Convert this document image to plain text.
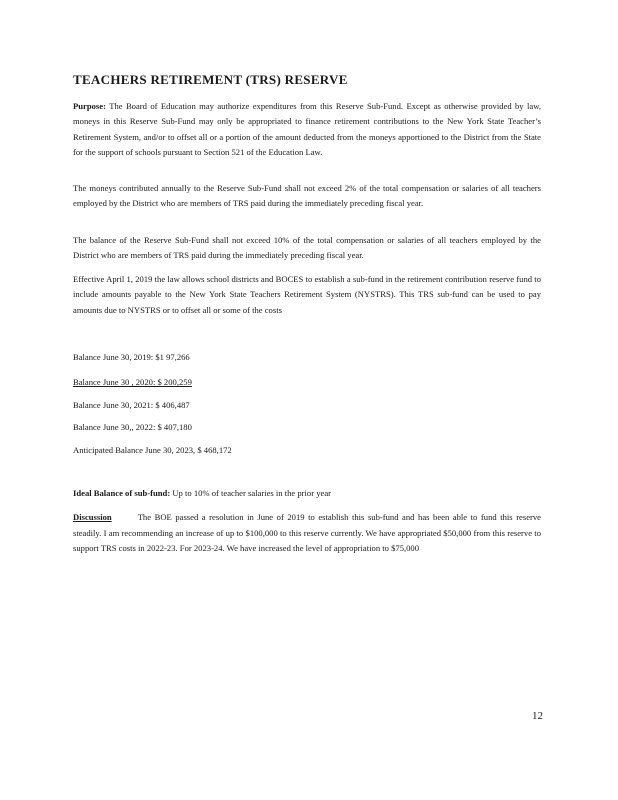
TEACHERS RETIREMENT (TRS) RESERVE

Purpose: The Board of Education may authorize expenditures from this Reserve Sub-Fund. Except as otherwise provided by law, moneys in this Reserve Sub-Fund may only be appropriated to finance retirement contributions to the New York State Teacher’s Retirement System, and/or to offset all or a portion of the amount deducted from the moneys apportioned to the District from the State for the support of schools pursuant to Section 521 of the Education Law.

The moneys contributed annually to the Reserve Sub-Fund shall not exceed 2% of the total compensation or salaries of all teachers employed by the District who are members of TRS paid during the immediately preceding fiscal year.

The balance of the Reserve Sub-Fund shall not exceed 10% of the total compensation or salaries of all teachers employed by the District who are members of TRS paid during the immediately preceding fiscal year.

Effective April 1, 2019 the law allows school districts and BOCES to establish a sub-fund in the retirement contribution reserve fund to include amounts payable to the New York State Teachers Retirement System (NYSTRS). This TRS sub-fund can be used to pay amounts due to NYSTRS or to offset all or some of the costs

Balance June 30, 2019: $1 97,266

Balance June 30 , 2020: $ 200,259

Balance June 30, 2021: $ 406,487

Balance June 30,, 2022: $ 407,180

Anticipated Balance June 30, 2023, $ 468,172

Ideal Balance of sub-fund: Up to 10% of teacher salaries in the prior year

Discussion	The BOE passed a resolution in June of 2019 to establish this sub-fund and has been able to fund this reserve steadily. I am recommending an increase of up to $100,000 to this reserve currently. We have appropriated $50,000 from this reserve to support TRS costs in 2022-23. For 2023-24. We have increased the level of appropriation to $75,000

12
